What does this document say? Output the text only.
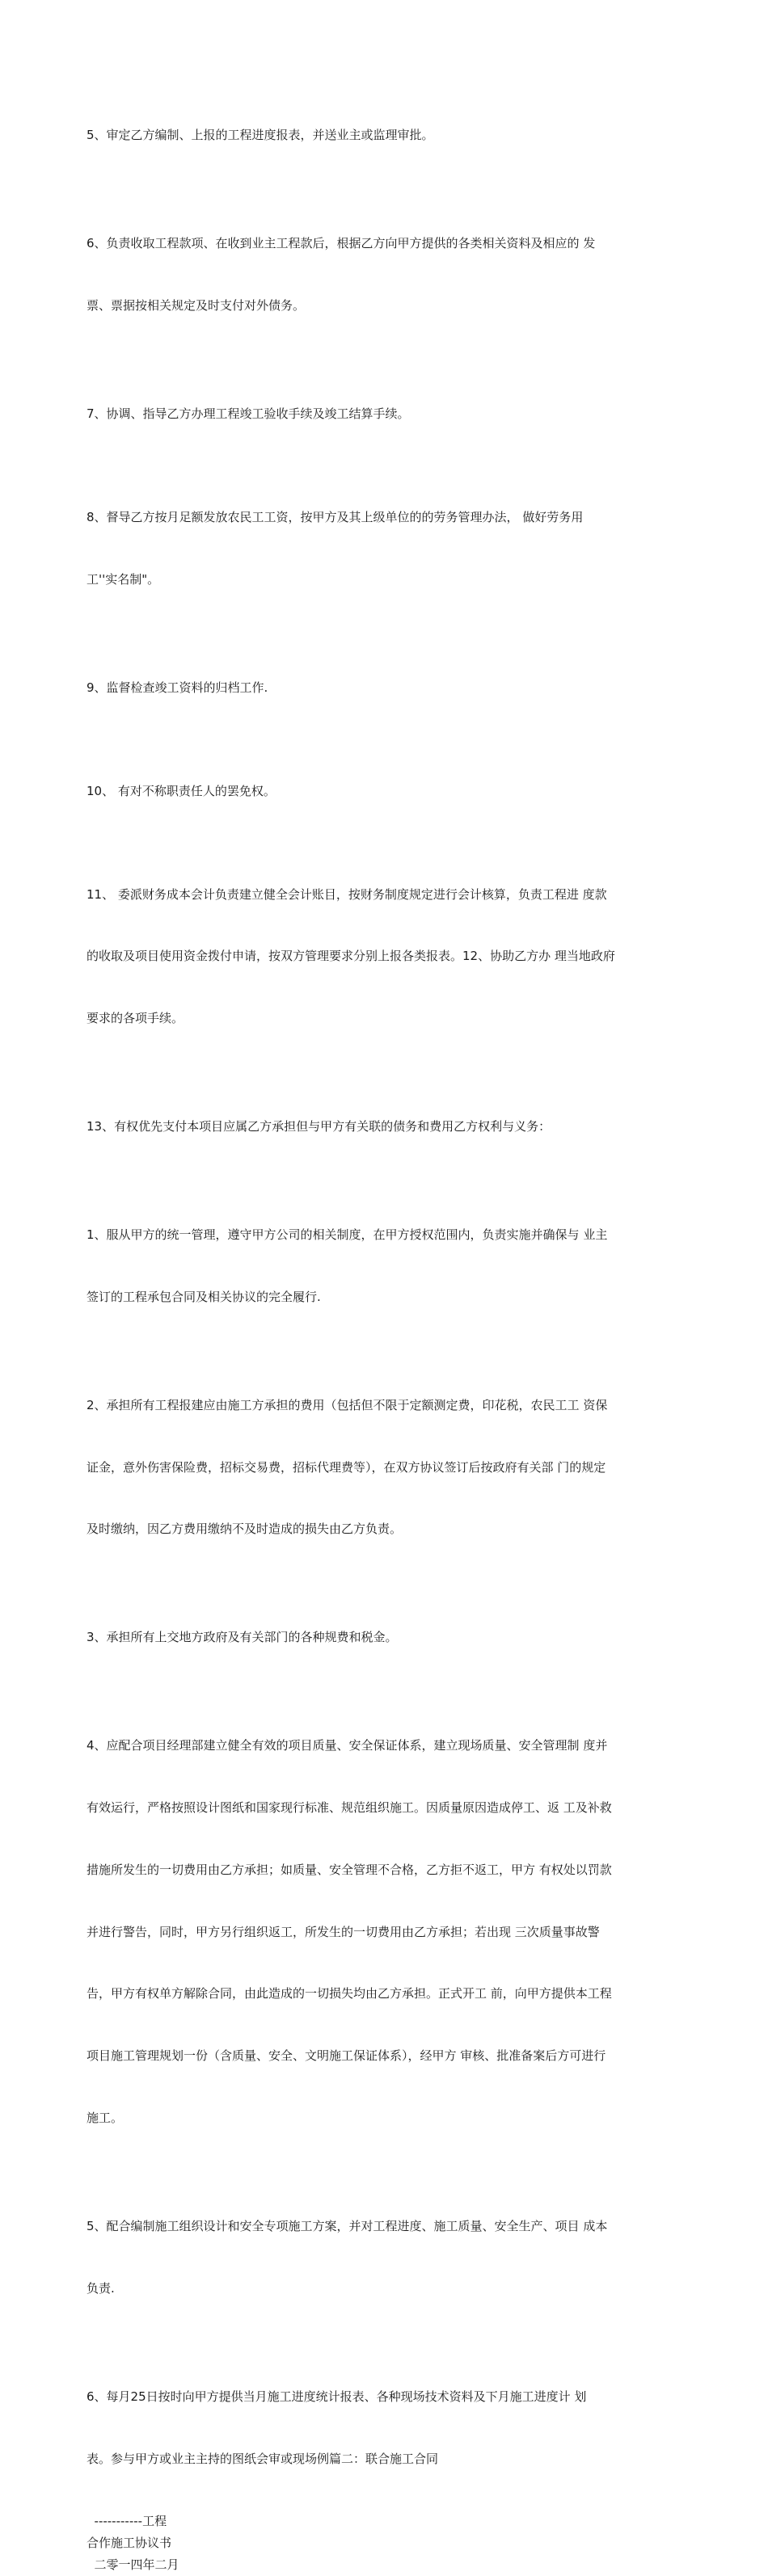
5、审定乙方编制、上报的工程进度报表，并送业主或监理审批。

6、负责收取工程款项、在收到业主工程款后，根据乙方向甲方提供的各类相关资料及相应的 发

票、票据按相关规定及时支付对外债务。

7、协调、指导乙方办理工程竣工验收手续及竣工结算手续。

8、督导乙方按月足额发放农民工工资，按甲方及其上级单位的的劳务管理办法， 做好劳务用

工''实名制"。

9、监督检查竣工资料的归档工作.

10、 有对不称职责任人的罢免权。

11、 委派财务成本会计负责建立健全会计账目，按财务制度规定进行会计核算，负责工程进 度款

的收取及项目使用资金拨付申请，按双方管理要求分别上报各类报表。12、协助乙方办 理当地政府

要求的各项手续。

13、有权优先支付本项目应属乙方承担但与甲方有关联的债务和费用乙方权利与义务：

1、服从甲方的统一管理，遵守甲方公司的相关制度，在甲方授权范围内，负责实施并确保与 业主

签订的工程承包合同及相关协议的完全履行.

2、承担所有工程报建应由施工方承担的费用（包括但不限于定额测定费，印花税，农民工工 资保

证金，意外伤害保险费，招标交易费，招标代理费等），在双方协议签订后按政府有关部 门的规定

及时缴纳，因乙方费用缴纳不及时造成的损失由乙方负责。

3、承担所有上交地方政府及有关部门的各种规费和税金。

4、应配合项目经理部建立健全有效的项目质量、安全保证体系，建立现场质量、安全管理制 度并

有效运行，严格按照设计图纸和国家现行标准、规范组织施工。因质量原因造成停工、返 工及补救

措施所发生的一切费用由乙方承担；如质量、安全管理不合格，乙方拒不返工，甲方 有权处以罚款

并进行警告，同时，甲方另行组织返工，所发生的一切费用由乙方承担；若出现 三次质量事故警

告，甲方有权单方解除合同，由此造成的一切损失均由乙方承担。正式开工 前，向甲方提供本工程

项目施工管理规划一份（含质量、安全、文明施工保证体系），经甲方 审核、批准备案后方可进行

施工。

5、配合编制施工组织设计和安全专项施工方案，并对工程进度、施工质量、安全生产、项目 成本

负责.

6、每月25日按时向甲方提供当月施工进度统计报表、各种现场技术资料及下月施工进度计 划

表。参与甲方或业主主持的图纸会审或现场例篇二：联合施工合同

-----------工程
合作施工协议书
二零一四年二月
